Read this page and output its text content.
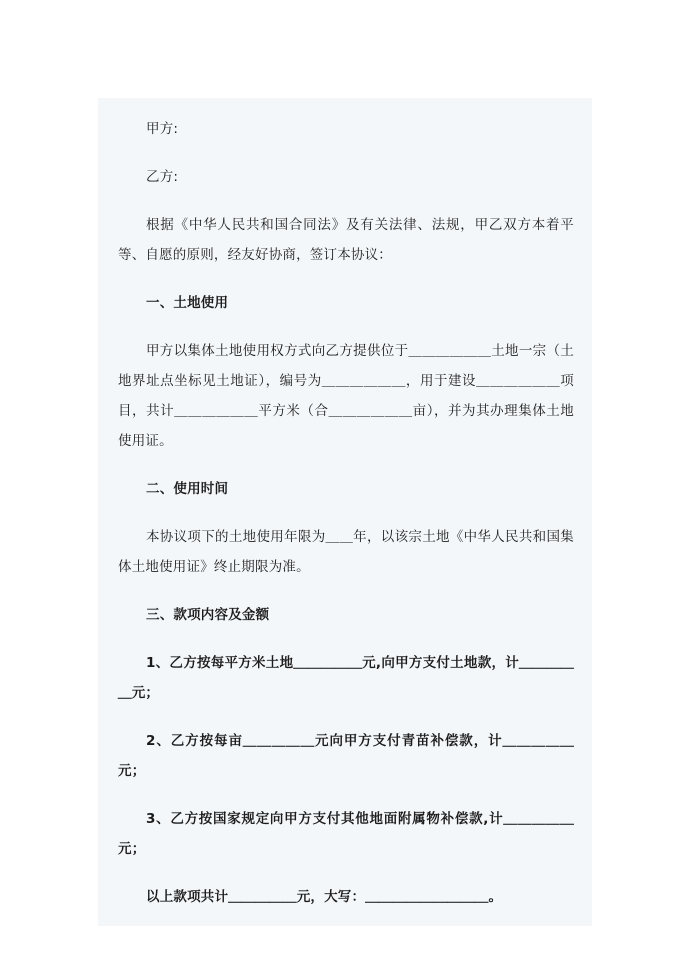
甲方:

乙方:

根据《中华人民共和国合同法》及有关法律、法规，甲乙双方本着平等、自愿的原则，经友好协商，签订本协议：

一、土地使用

甲方以集体土地使用权方式向乙方提供位于＿＿＿＿＿＿土地一宗（土地界址点坐标见土地证），编号为＿＿＿＿＿＿，用于建设＿＿＿＿＿＿项目，共计＿＿＿＿＿＿平方米（合＿＿＿＿＿＿亩），并为其办理集体土地使用证。

二、使用时间

本协议项下的土地使用年限为＿＿年，以该宗土地《中华人民共和国集体土地使用证》终止期限为准。

三、款项内容及金额

1、乙方按每平方米土地＿＿＿＿＿元,向甲方支付土地款，计＿＿＿＿＿元；

2、乙方按每亩＿＿＿＿＿元向甲方支付青苗补偿款，计＿＿＿＿＿元；

3、乙方按国家规定向甲方支付其他地面附属物补偿款,计＿＿＿＿＿元；

以上款项共计＿＿＿＿＿元，大写：＿＿＿＿＿＿＿＿＿。
